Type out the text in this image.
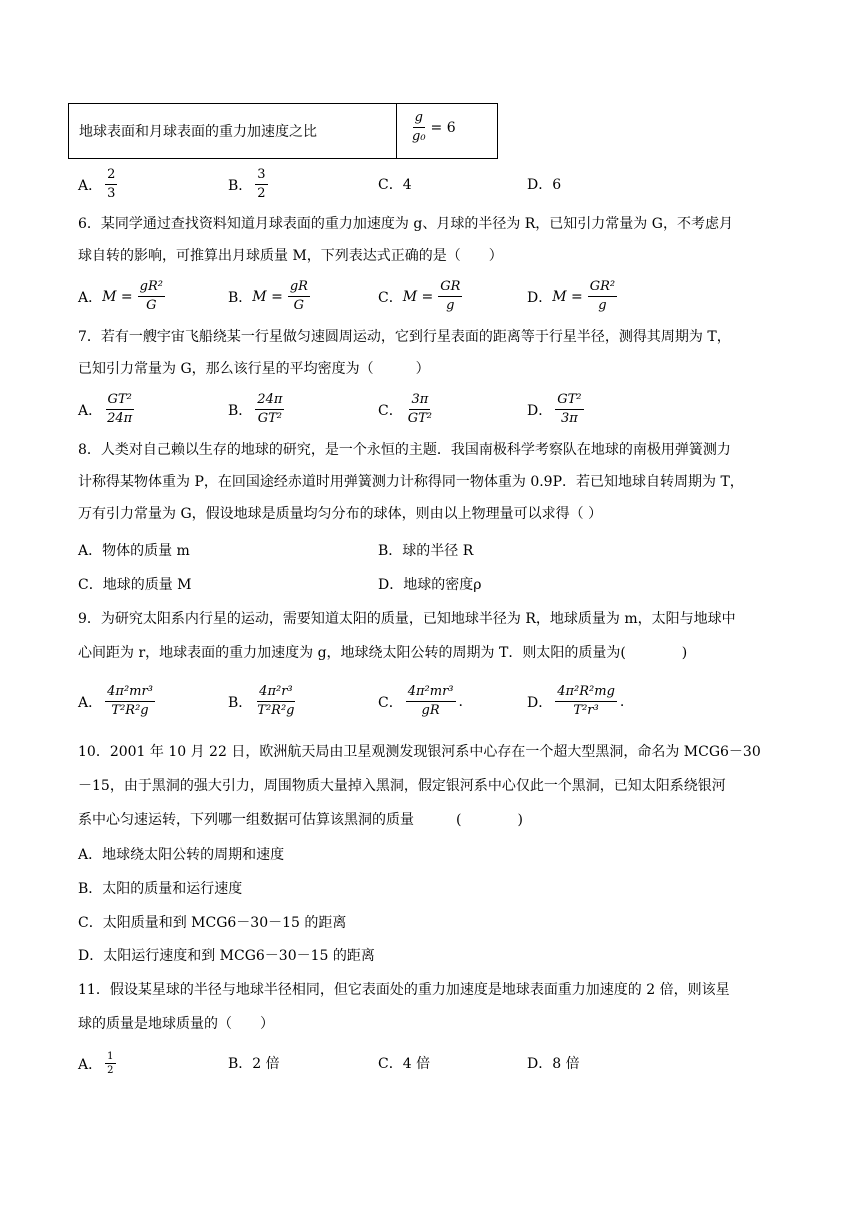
地球表面和月球表面的重力加速度之比	$\frac{g}{\text{g₀}} = 6$
A． $\frac{2}{3}$	B． $\frac{3}{2}$	C．4	D．6
6．某同学通过查找资料知道月球表面的重力加速度为 g、月球的半径为 R，已知引力常量为 G，不考虑月
球自转的影响，可推算出月球质量 M，下列表达式正确的是（　　）
A． $M = \frac{\text{gR²}}{G}$	B． $M = \frac{gR}{G}$	C． $M = \frac{GR}{g}$	D． $M = \frac{\text{GR²}}{g}$
7．若有一艘宇宙飞船绕某一行星做匀速圆周运动，它到行星表面的距离等于行星半径，测得其周期为 T，
已知引力常量为 G，那么该行星的平均密度为（　　　）
A． $\frac{\text{GT²}}{24\pi}$	B． $\frac{24\pi}{\text{GT²}}$	C． $\frac{3\pi}{\text{GT²}}$	D． $\frac{\text{GT²}}{3\pi}$
8．人类对自己赖以生存的地球的研究，是一个永恒的主题．我国南极科学考察队在地球的南极用弹簧测力
计称得某物体重为 P，在回国途经赤道时用弹簧测力计称得同一物体重为 0.9P．若已知地球自转周期为 T，
万有引力常量为 G，假设地球是质量均匀分布的球体，则由以上物理量可以求得（ ）
A．物体的质量 m	B．球的半径 R
C．地球的质量 M	D．地球的密度ρ
9．为研究太阳系内行星的运动，需要知道太阳的质量，已知地球半径为 R，地球质量为 m，太阳与地球中
心间距为 r，地球表面的重力加速度为 g，地球绕太阳公转的周期为 T．则太阳的质量为(　　　　)
A． $\frac{\text{4π²mr³}}{\text{T²R²g}}$	B． $\frac{\text{4π²r³}}{\text{T²R²g}}$	C． $\frac{\text{4π²mr³}}{gR}$ .	D． $\frac{\text{4π²R²mg}}{\text{T²r³}}$ .
10．2001 年 10 月 22 日，欧洲航天局由卫星观测发现银河系中心存在一个超大型黑洞，命名为 MCG6－30
－15，由于黑洞的强大引力，周围物质大量掉入黑洞，假定银河系中心仅此一个黑洞，已知太阳系绕银河
系中心匀速运转，下列哪一组数据可估算该黑洞的质量　　　(　　　　)
A．地球绕太阳公转的周期和速度
B．太阳的质量和运行速度
C．太阳质量和到 MCG6－30－15 的距离
D．太阳运行速度和到 MCG6－30－15 的距离
11．假设某星球的半径与地球半径相同，但它表面处的重力加速度是地球表面重力加速度的 2 倍，则该星
球的质量是地球质量的（　　）
A． $\frac{1}{2}$	B．2 倍	C．4 倍	D．8 倍
